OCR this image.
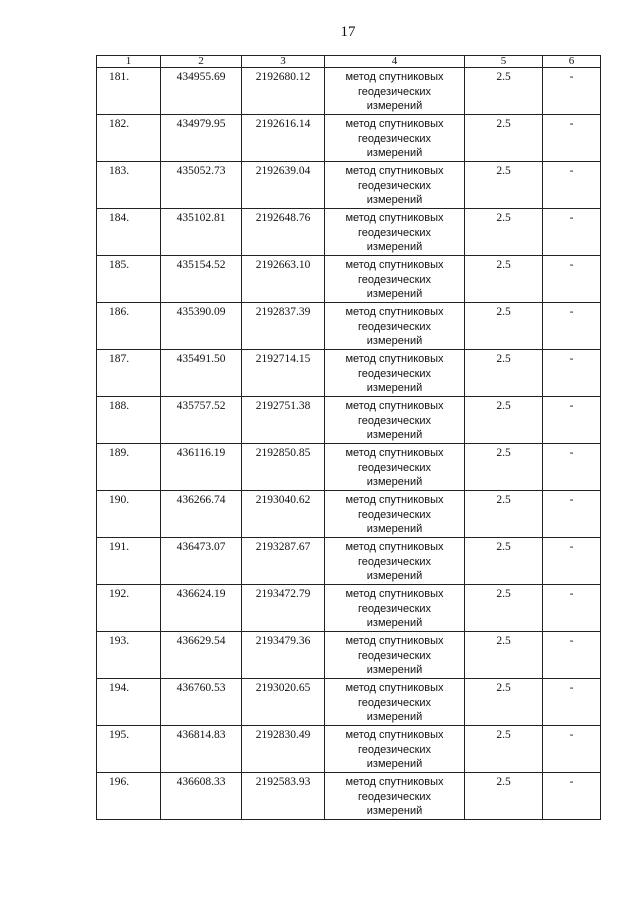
17
1	2	3	4	5	6
181.	434955.69	2192680.12	метод спутниковых
геодезических
измерений	2.5	-
182.	434979.95	2192616.14	метод спутниковых
геодезических
измерений	2.5	-
183.	435052.73	2192639.04	метод спутниковых
геодезических
измерений	2.5	-
184.	435102.81	2192648.76	метод спутниковых
геодезических
измерений	2.5	-
185.	435154.52	2192663.10	метод спутниковых
геодезических
измерений	2.5	-
186.	435390.09	2192837.39	метод спутниковых
геодезических
измерений	2.5	-
187.	435491.50	2192714.15	метод спутниковых
геодезических
измерений	2.5	-
188.	435757.52	2192751.38	метод спутниковых
геодезических
измерений	2.5	-
189.	436116.19	2192850.85	метод спутниковых
геодезических
измерений	2.5	-
190.	436266.74	2193040.62	метод спутниковых
геодезических
измерений	2.5	-
191.	436473.07	2193287.67	метод спутниковых
геодезических
измерений	2.5	-
192.	436624.19	2193472.79	метод спутниковых
геодезических
измерений	2.5	-
193.	436629.54	2193479.36	метод спутниковых
геодезических
измерений	2.5	-
194.	436760.53	2193020.65	метод спутниковых
геодезических
измерений	2.5	-
195.	436814.83	2192830.49	метод спутниковых
геодезических
измерений	2.5	-
196.	436608.33	2192583.93	метод спутниковых
геодезических
измерений	2.5	-
